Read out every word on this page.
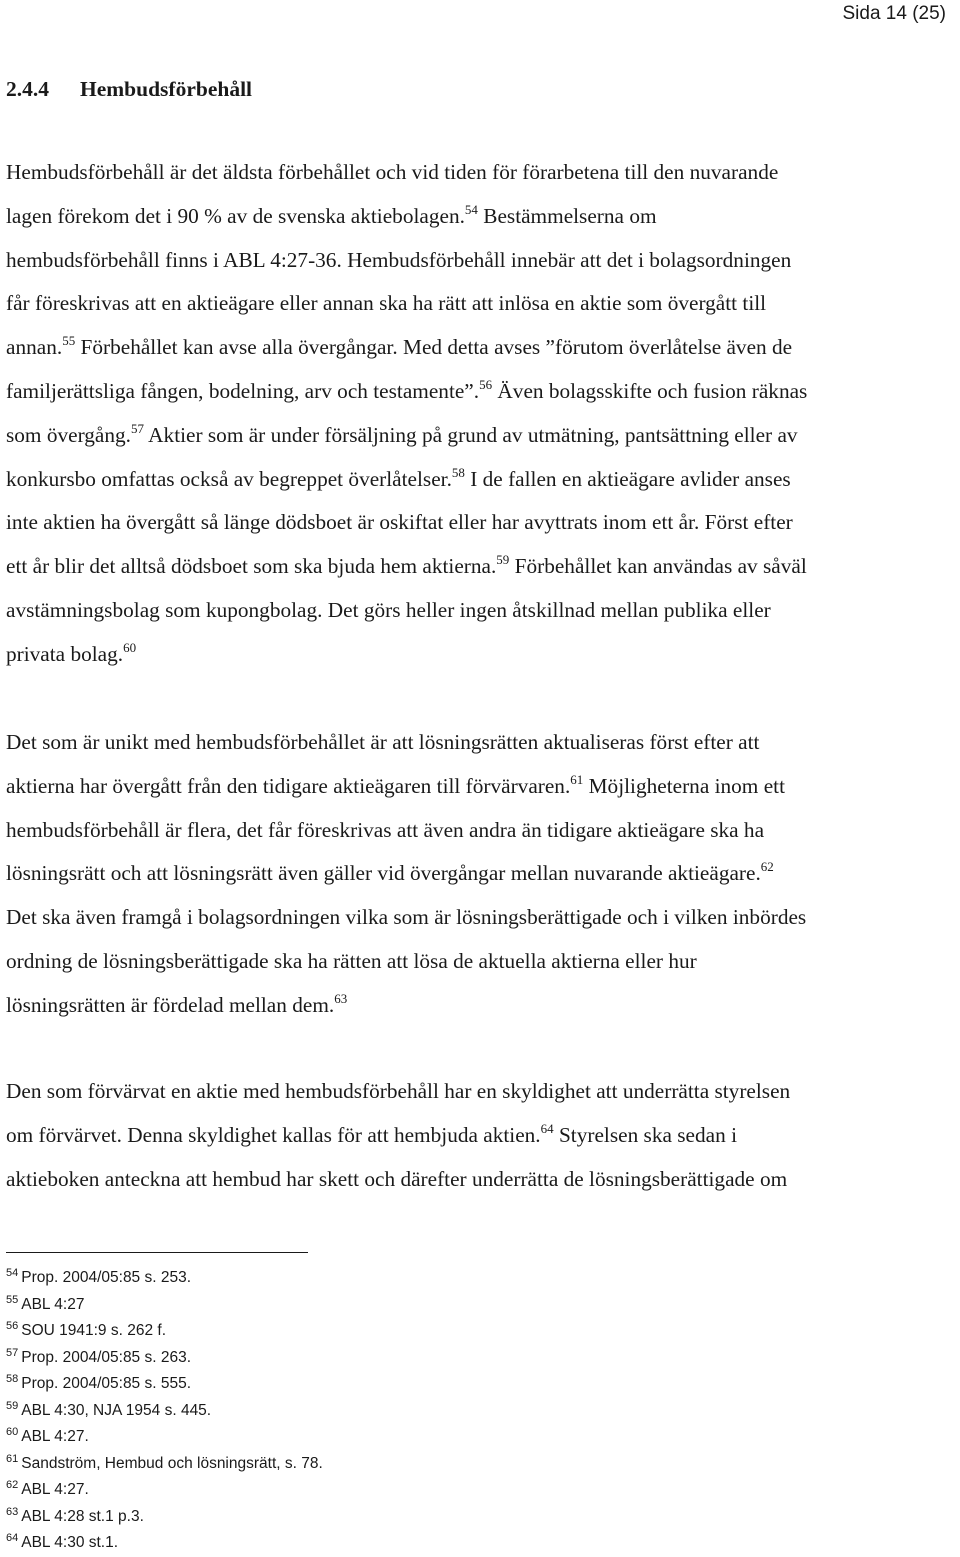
Sida 14 (25)
2.4.4 Hembudsförbehåll
Hembudsförbehåll är det äldsta förbehållet och vid tiden för förarbetena till den nuvarande
lagen förekom det i 90 % av de svenska aktiebolagen.$^{54}$ Bestämmelserna om
hembudsförbehåll finns i ABL 4:27-36. Hembudsförbehåll innebär att det i bolagsordningen
får föreskrivas att en aktieägare eller annan ska ha rätt att inlösa en aktie som övergått till
annan.$^{55}$ Förbehållet kan avse alla övergångar. Med detta avses ”förutom överlåtelse även de
familjerättsliga fången, bodelning, arv och testamente”.$^{56}$ Även bolagsskifte och fusion räknas
som övergång.$^{57}$ Aktier som är under försäljning på grund av utmätning, pantsättning eller av
konkursbo omfattas också av begreppet överlåtelser.$^{58}$ I de fallen en aktieägare avlider anses
inte aktien ha övergått så länge dödsboet är oskiftat eller har avyttrats inom ett år. Först efter
ett år blir det alltså dödsboet som ska bjuda hem aktierna.$^{59}$ Förbehållet kan användas av såväl
avstämningsbolag som kupongbolag. Det görs heller ingen åtskillnad mellan publika eller
privata bolag.$^{60}$
Det som är unikt med hembudsförbehållet är att lösningsrätten aktualiseras först efter att
aktierna har övergått från den tidigare aktieägaren till förvärvaren.$^{61}$ Möjligheterna inom ett
hembudsförbehåll är flera, det får föreskrivas att även andra än tidigare aktieägare ska ha
lösningsrätt och att lösningsrätt även gäller vid övergångar mellan nuvarande aktieägare.$^{62}$
Det ska även framgå i bolagsordningen vilka som är lösningsberättigade och i vilken inbördes
ordning de lösningsberättigade ska ha rätten att lösa de aktuella aktierna eller hur
lösningsrätten är fördelad mellan dem.$^{63}$
Den som förvärvat en aktie med hembudsförbehåll har en skyldighet att underrätta styrelsen
om förvärvet. Denna skyldighet kallas för att hembjuda aktien.$^{64}$ Styrelsen ska sedan i
aktieboken anteckna att hembud har skett och därefter underrätta de lösningsberättigade om
$^{54}$ Prop. 2004/05:85 s. 253.
$^{55}$ ABL 4:27
$^{56}$ SOU 1941:9 s. 262 f.
$^{57}$ Prop. 2004/05:85 s. 263.
$^{58}$ Prop. 2004/05:85 s. 555.
$^{59}$ ABL 4:30, NJA 1954 s. 445.
$^{60}$ ABL 4:27.
$^{61}$ Sandström, Hembud och lösningsrätt, s. 78.
$^{62}$ ABL 4:27.
$^{63}$ ABL 4:28 st.1 p.3.
$^{64}$ ABL 4:30 st.1.
